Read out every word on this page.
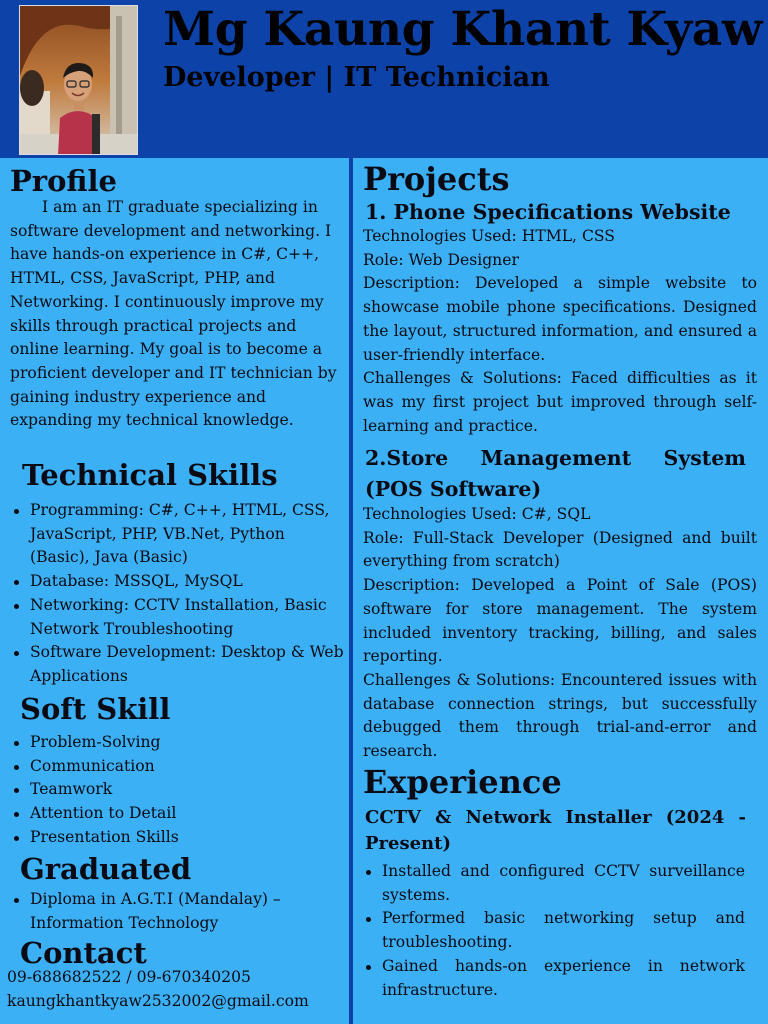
Mg Kaung Khant Kyaw
Developer | IT Technician
Profile

I am an IT graduate specializing in software development and networking. I have hands-on experience in C#, C++, HTML, CSS, JavaScript, PHP, and Networking. I continuously improve my skills through practical projects and online learning. My goal is to become a proficient developer and IT technician by gaining industry experience and expanding my technical knowledge.

Technical Skills
Programming: C#, C++, HTML, CSS, JavaScript, PHP, VB.Net, Python (Basic), Java (Basic)
Database: MSSQL, MySQL
Networking: CCTV Installation, Basic Network Troubleshooting
Software Development: Desktop & Web Applications
Soft Skill
Problem-Solving
Communication
Teamwork
Attention to Detail
Presentation Skills
Graduated
Diploma in A.G.T.I (Mandalay) – Information Technology
Contact

09-688682522 / 09-670340205

kaungkhantkyaw2532002@gmail.com

Projects

1. Phone Specifications Website

Technologies Used: HTML, CSS

Role: Web Designer

Description: Developed a simple website to showcase mobile phone specifications. Designed the layout, structured information, and ensured a user-friendly interface.

Challenges & Solutions: Faced difficulties as it was my first project but improved through self-learning and practice.

2.Store Management System (POS Software)

Technologies Used: C#, SQL

Role: Full-Stack Developer (Designed and built everything from scratch)

Description: Developed a Point of Sale (POS) software for store management. The system included inventory tracking, billing, and sales reporting.

Challenges & Solutions: Encountered issues with database connection strings, but successfully debugged them through trial-and-error and research.

Experience

CCTV & Network Installer (2024 - Present)

Installed and configured CCTV surveillance systems.
Performed basic networking setup and troubleshooting.
Gained hands-on experience in network infrastructure.
